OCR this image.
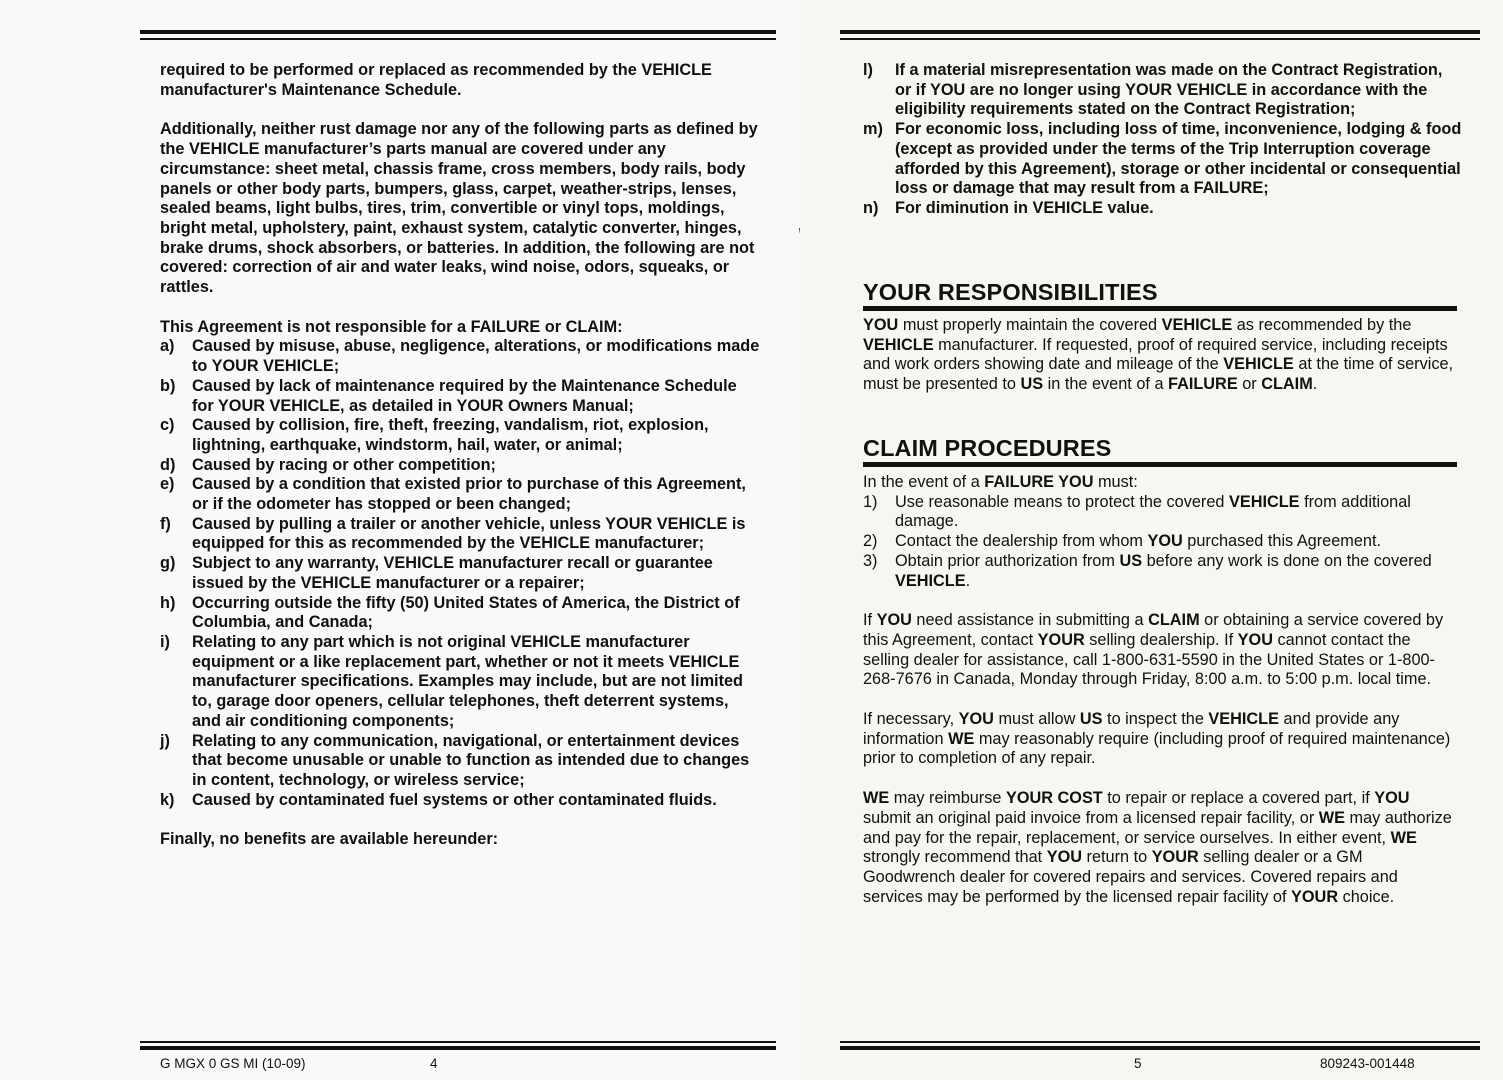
required to be performed or replaced as recommended by the VEHICLE manufacturer's Maintenance Schedule.

Additionally, neither rust damage nor any of the following parts as defined by the VEHICLE manufacturer’s parts manual are covered under any circumstance: sheet metal, chassis frame, cross members, body rails, body panels or other body parts, bumpers, glass, carpet, weather-strips, lenses, sealed beams, light bulbs, tires, trim, convertible or vinyl tops, moldings, bright metal, upholstery, paint, exhaust system, catalytic converter, hinges, brake drums, shock absorbers, or batteries. In addition, the following are not covered: correction of air and water leaks, wind noise, odors, squeaks, or rattles.

This Agreement is not responsible for a FAILURE or CLAIM:

a)	Caused by misuse, abuse, negligence, alterations, or modifications made to YOUR VEHICLE;
b)	Caused by lack of maintenance required by the Maintenance Schedule for YOUR VEHICLE, as detailed in YOUR Owners Manual;
c)	Caused by collision, fire, theft, freezing, vandalism, riot, explosion, lightning, earthquake, windstorm, hail, water, or animal;
d)	Caused by racing or other competition;
e)	Caused by a condition that existed prior to purchase of this Agreement, or if the odometer has stopped or been changed;
f)	Caused by pulling a trailer or another vehicle, unless YOUR VEHICLE is equipped for this as recommended by the VEHICLE manufacturer;
g)	Subject to any warranty, VEHICLE manufacturer recall or guarantee issued by the VEHICLE manufacturer or a repairer;
h)	Occurring outside the fifty (50) United States of America, the District of Columbia, and Canada;
i)	Relating to any part which is not original VEHICLE manufacturer equipment or a like replacement part, whether or not it meets VEHICLE manufacturer specifications. Examples may include, but are not limited to, garage door openers, cellular telephones, theft deterrent systems, and air conditioning components;
j)	Relating to any communication, navigational, or entertainment devices that become unusable or unable to function as intended due to changes in content, technology, or wireless service;
k)	Caused by contaminated fuel systems or other contaminated fluids.

Finally, no benefits are available hereunder:

G MGX 0 GS MI (10-09)	4
l)	If a material misrepresentation was made on the Contract Registration, or if YOU are no longer using YOUR VEHICLE in accordance with the eligibility requirements stated on the Contract Registration;
m) For economic loss, including loss of time, inconvenience, lodging & food (except as provided under the terms of the Trip Interruption coverage afforded by this Agreement), storage or other incidental or consequential loss or damage that may result from a FAILURE;
n)	For diminution in VEHICLE value.
YOUR RESPONSIBILITIES

YOU must properly maintain the covered VEHICLE as recommended by the VEHICLE manufacturer. If requested, proof of required service, including receipts and work orders showing date and mileage of the VEHICLE at the time of service, must be presented to US in the event of a FAILURE or CLAIM.

CLAIM PROCEDURES

In the event of a FAILURE YOU must:

1)	Use reasonable means to protect the covered VEHICLE from additional damage.
2)	Contact the dealership from whom YOU purchased this Agreement.
3)	Obtain prior authorization from US before any work is done on the covered VEHICLE.

If YOU need assistance in submitting a CLAIM or obtaining a service covered by this Agreement, contact YOUR selling dealership. If YOU cannot contact the selling dealer for assistance, call 1-800-631-5590 in the United States or 1-800-268-7676 in Canada, Monday through Friday, 8:00 a.m. to 5:00 p.m. local time.

If necessary, YOU must allow US to inspect the VEHICLE and provide any information WE may reasonably require (including proof of required maintenance) prior to completion of any repair.

WE may reimburse YOUR COST to repair or replace a covered part, if YOU submit an original paid invoice from a licensed repair facility, or WE may authorize and pay for the repair, replacement, or service ourselves. In either event, WE strongly recommend that YOU return to YOUR selling dealer or a GM Goodwrench dealer for covered repairs and services. Covered repairs and services may be performed by the licensed repair facility of YOUR choice.

5	809243-001448
